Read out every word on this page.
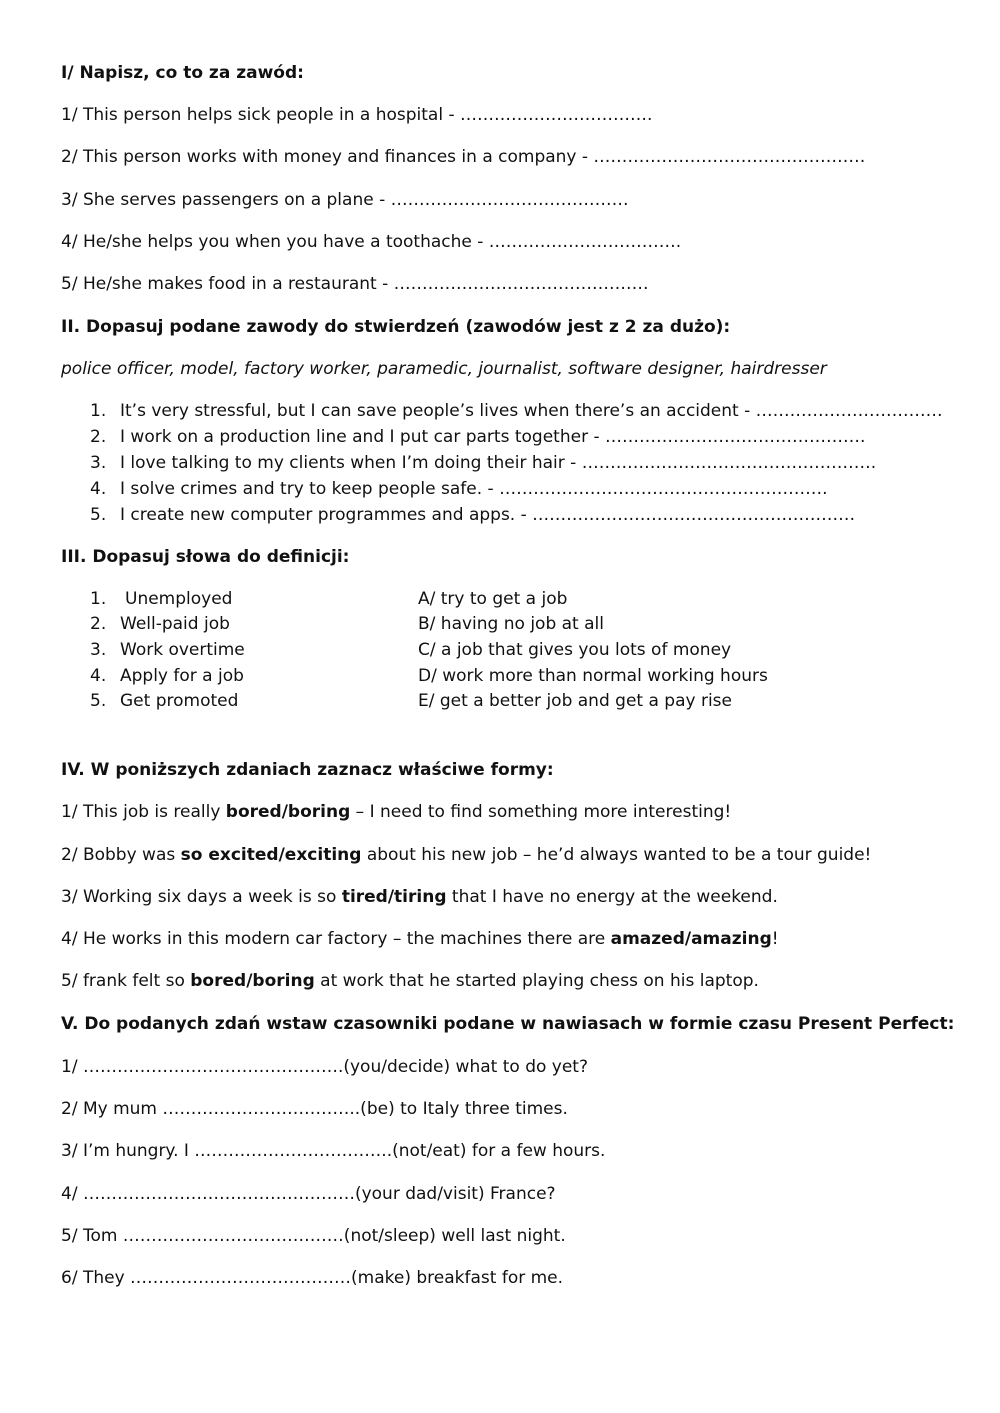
I/ Napisz, co to za zawód:
1/ This person helps sick people in a hospital - …………………………….
2/ This person works with money and finances in a company - …………………………………………
3/ She serves passengers on a plane - ……………………………………
4/ He/she helps you when you have a toothache - …………………………….
5/ He/she makes food in a restaurant - ………………………………………
II. Dopasuj podane zawody do stwierdzeń (zawodów jest z 2 za dużo):
police officer, model, factory worker, paramedic, journalist, software designer, hairdresser
1. It’s very stressful, but I can save people’s lives when there’s an accident - ……………………………
2. I work on a production line and I put car parts together - ……………………………………….
3. I love talking to my clients when I’m doing their hair - …………………………………………….
4. I solve crimes and try to keep people safe. - ………………………………………………….
5. I create new computer programmes and apps. - …………………………………………………
III. Dopasuj słowa do definicji:
1. Unemployed	A/ try to get a job
2. Well-paid job	B/ having no job at all
3. Work overtime	C/ a job that gives you lots of money
4. Apply for a job	D/ work more than normal working hours
5. Get promoted	E/ get a better job and get a pay rise
IV. W poniższych zdaniach zaznacz właściwe formy:
1/ This job is really bored/boring – I need to find something more interesting!
2/ Bobby was so excited/exciting about his new job – he’d always wanted to be a tour guide!
3/ Working six days a week is so tired/tiring that I have no energy at the weekend.
4/ He works in this modern car factory – the machines there are amazed/amazing!
5/ frank felt so bored/boring at work that he started playing chess on his laptop.
V. Do podanych zdań wstaw czasowniki podane w nawiasach w formie czasu Present Perfect:
1/ ……………………………………….(you/decide) what to do yet?
2/ My mum ……………………………..(be) to Italy three times.
3/ I’m hungry. I ……………………………..(not/eat) for a few hours.
4/ …………………………………………(your dad/visit) France?
5/ Tom …………………………………(not/sleep) well last night.
6/ They …………………………………(make) breakfast for me.
